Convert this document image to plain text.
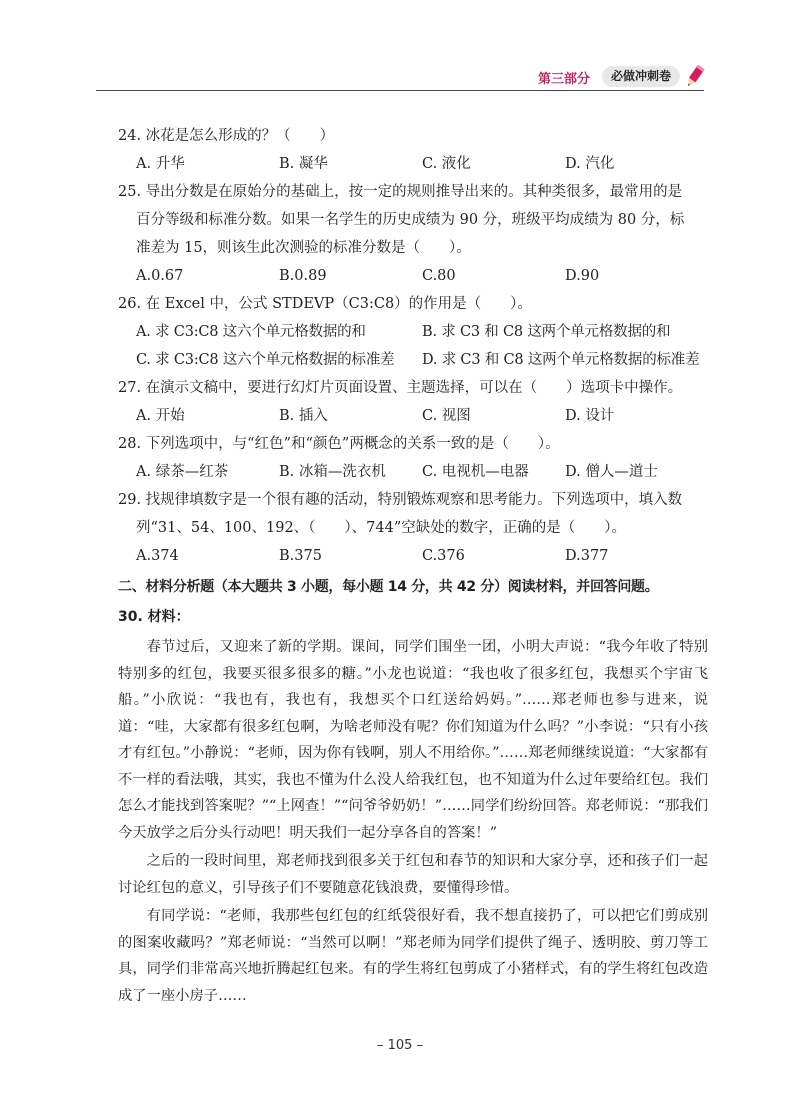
第三部分	必做冲刺卷

24. 冰花是怎么形成的？（　　）

A. 升华	B. 凝华	C. 液化	D. 汽化

25. 导出分数是在原始分的基础上，按一定的规则推导出来的。其种类很多，最常用的是

百分等级和标准分数。如果一名学生的历史成绩为 90 分，班级平均成绩为 80 分，标

准差为 15，则该生此次测验的标准分数是（　　）。

A.0.67	B.0.89	C.80	D.90

26. 在 Excel 中，公式 STDEVP（C3:C8）的作用是（　　）。

A. 求 C3:C8 这六个单元格数据的和	B. 求 C3 和 C8 这两个单元格数据的和
C. 求 C3:C8 这六个单元格数据的标准差	D. 求 C3 和 C8 这两个单元格数据的标准差

27. 在演示文稿中，要进行幻灯片页面设置、主题选择，可以在（　　）选项卡中操作。

A. 开始	B. 插入	C. 视图	D. 设计

28. 下列选项中，与“红色”和“颜色”两概念的关系一致的是（　　）。

A. 绿茶—红茶	B. 冰箱—洗衣机	C. 电视机—电器	D. 僧人—道士

29. 找规律填数字是一个很有趣的活动，特别锻炼观察和思考能力。下列选项中，填入数

列“31、54、100、192、（　　）、744”空缺处的数字，正确的是（　　）。

A.374	B.375	C.376	D.377
二、材料分析题（本大题共 3 小题，每小题 14 分，共 42 分）阅读材料，并回答问题。
30. 材料：

春节过后，又迎来了新的学期。课间，同学们围坐一团，小明大声说：“我今年收了特别特别多的红包，我要买很多很多的糖。”小龙也说道：“我也收了很多红包，我想买个宇宙飞船。”小欣说：“我也有，我也有，我想买个口红送给妈妈。”……郑老师也参与进来，说道：“哇，大家都有很多红包啊，为啥老师没有呢？你们知道为什么吗？”小李说：“只有小孩才有红包。”小静说：“老师，因为你有钱啊，别人不用给你。”……郑老师继续说道：“大家都有不一样的看法哦，其实，我也不懂为什么没人给我红包，也不知道为什么过年要给红包。我们怎么才能找到答案呢？”“上网查！”“问爷爷奶奶！”……同学们纷纷回答。郑老师说：“那我们今天放学之后分头行动吧！明天我们一起分享各自的答案！”

之后的一段时间里，郑老师找到很多关于红包和春节的知识和大家分享，还和孩子们一起讨论红包的意义，引导孩子们不要随意花钱浪费，要懂得珍惜。

有同学说：“老师，我那些包红包的红纸袋很好看，我不想直接扔了，可以把它们剪成别的图案收藏吗？”郑老师说：“当然可以啊！”郑老师为同学们提供了绳子、透明胶、剪刀等工具，同学们非常高兴地折腾起红包来。有的学生将红包剪成了小猪样式，有的学生将红包改造成了一座小房子……

– 105 –
